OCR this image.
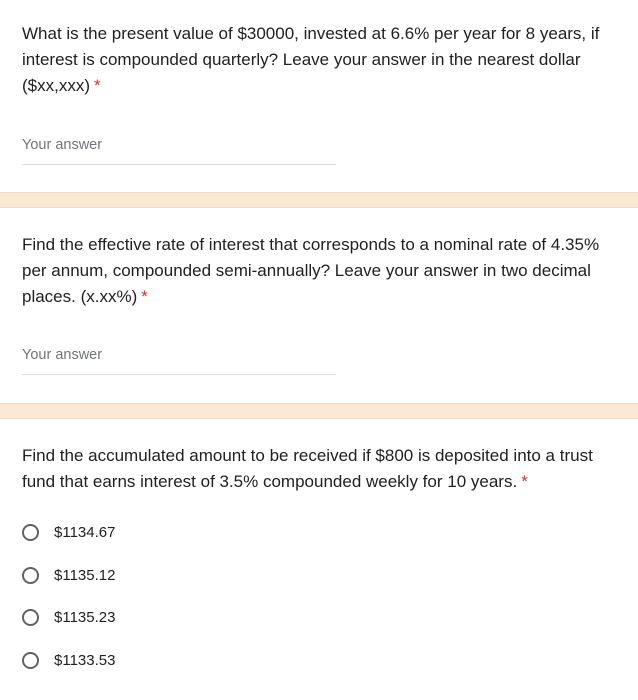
What is the present value of $30000, invested at 6.6% per year for 8 years, if interest is compounded quarterly? Leave your answer in the nearest dollar ($xx,xxx) *

Your answer

Find the effective rate of interest that corresponds to a nominal rate of 4.35% per annum, compounded semi-annually? Leave your answer in two decimal places. (x.xx%) *

Your answer

Find the accumulated amount to be received if $800 is deposited into a trust fund that earns interest of 3.5% compounded weekly for 10 years. *

$1134.67
$1135.12
$1135.23
$1133.53
